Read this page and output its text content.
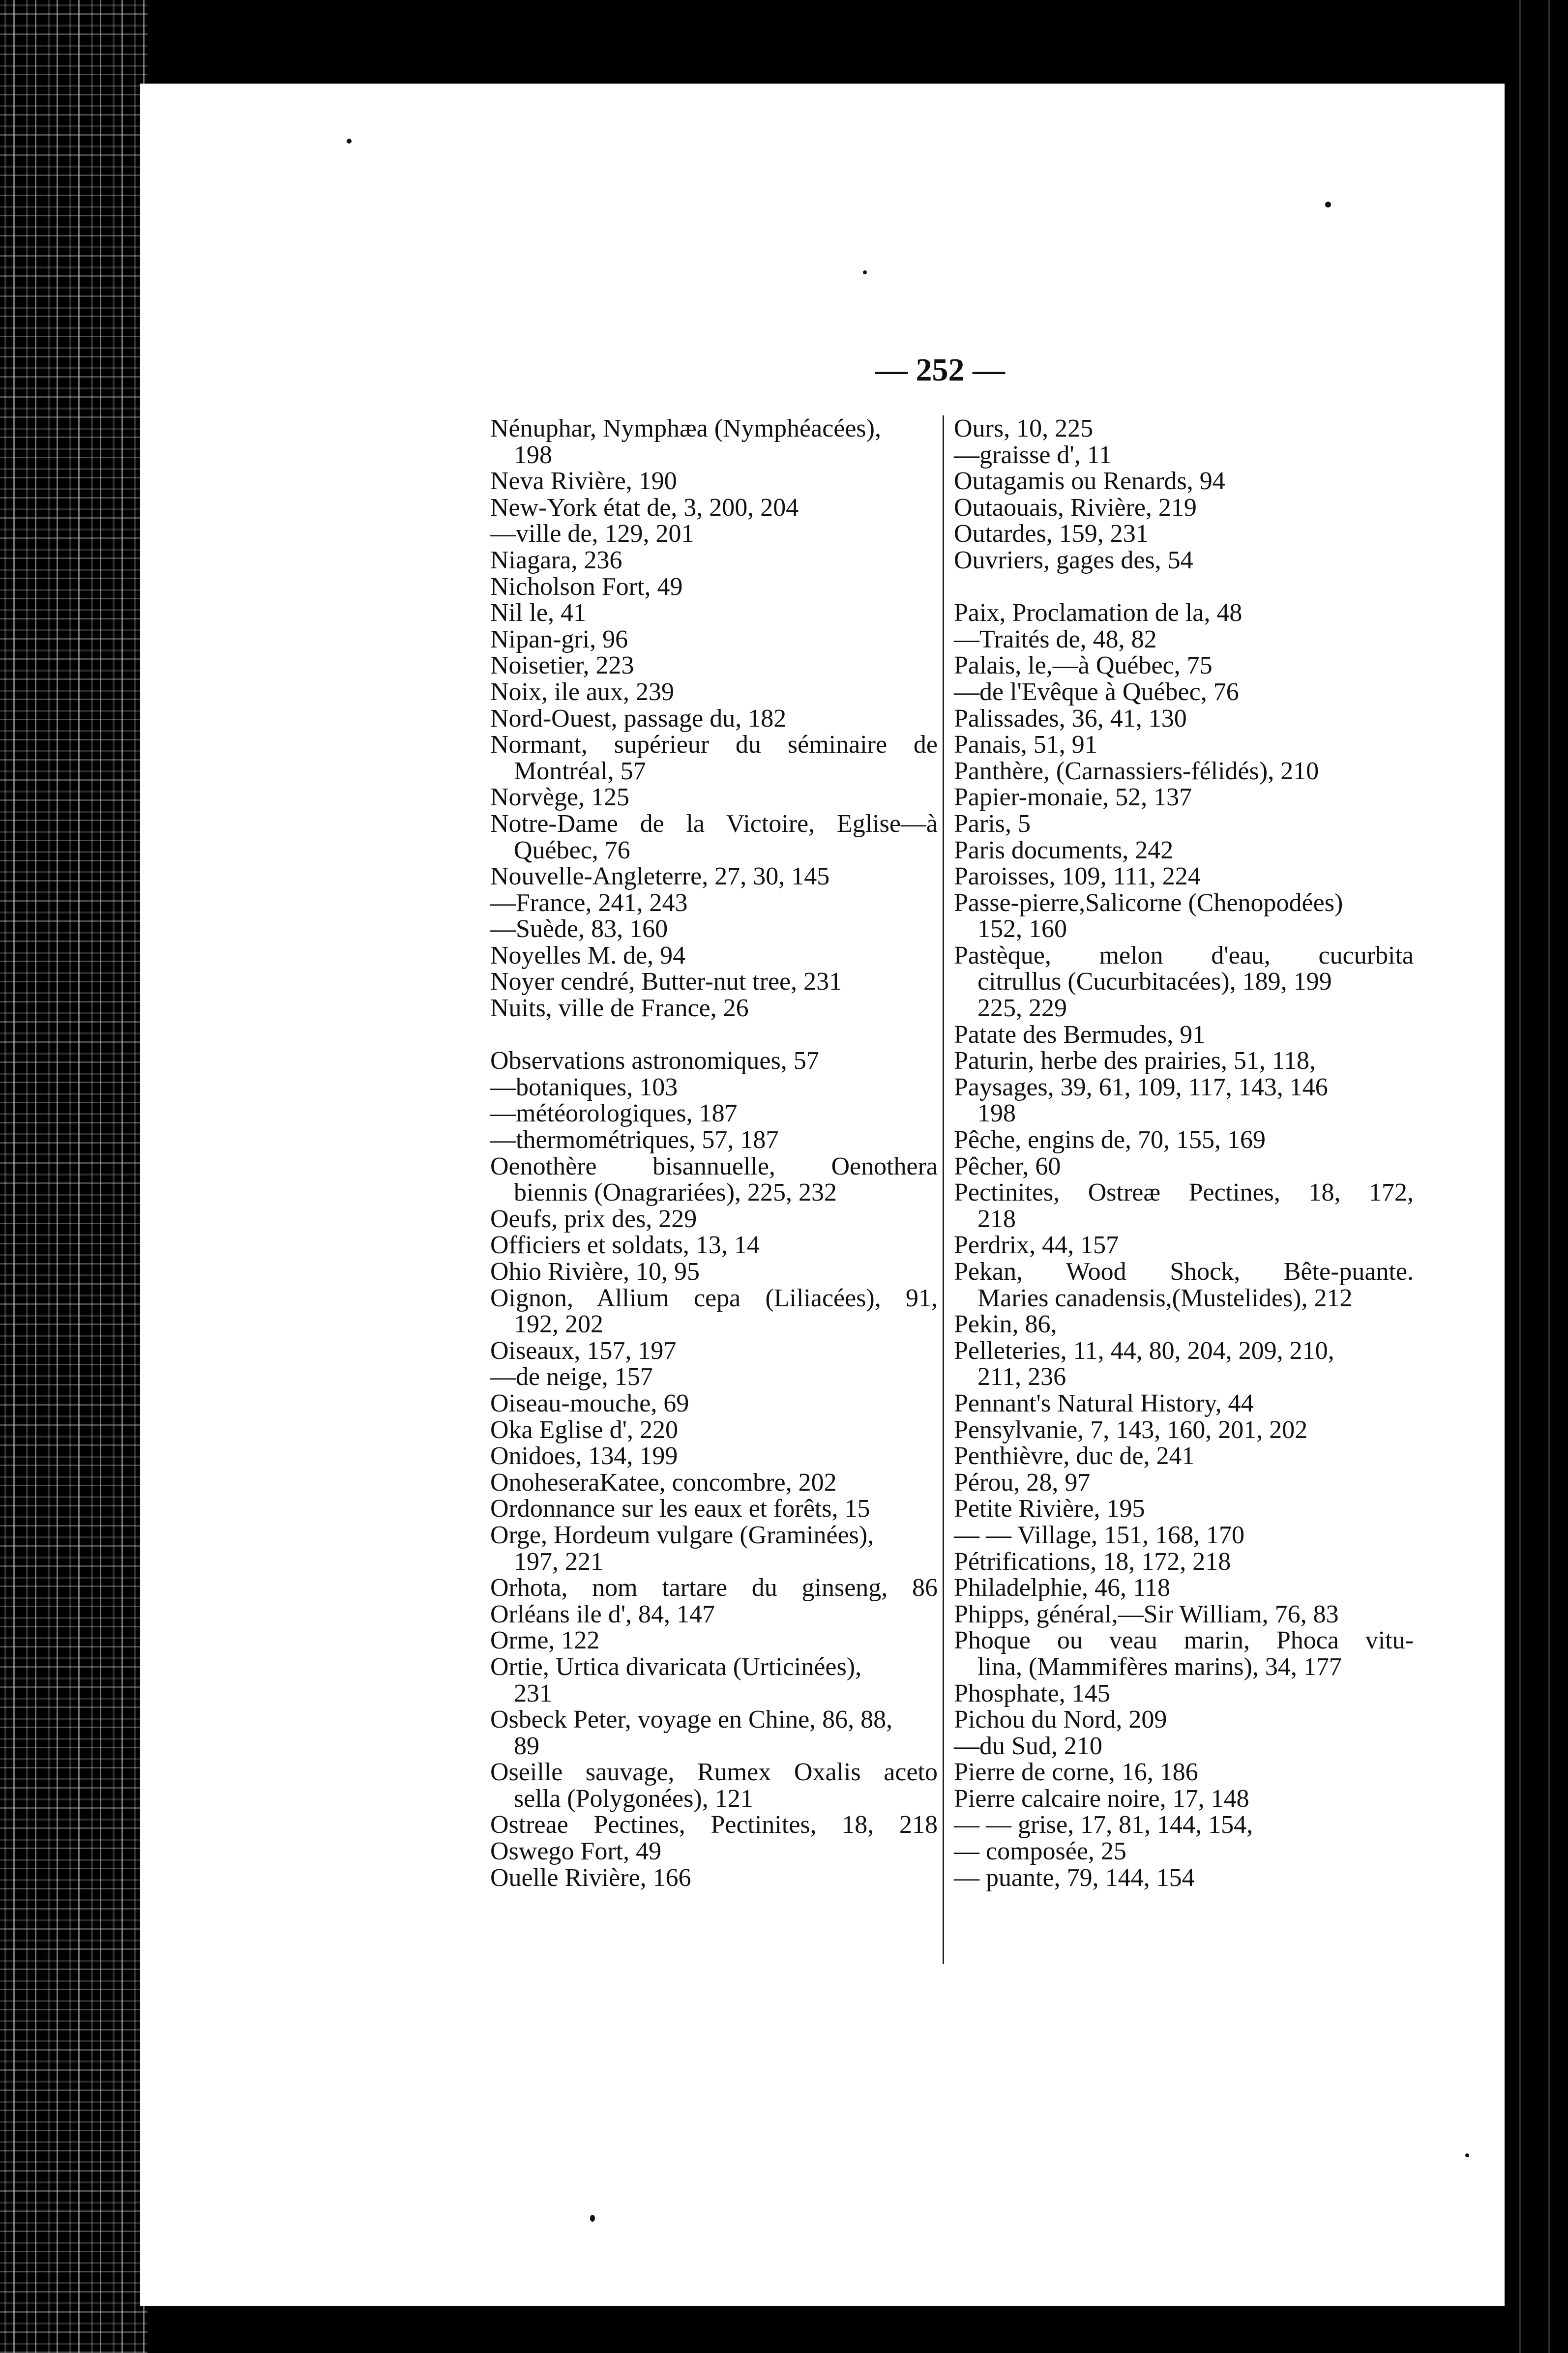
— 252 —
Nénuphar, Nymphæa (Nymphéacées),
198
Neva Rivière, 190
New-York état de, 3, 200, 204
—ville de, 129, 201
Niagara, 236
Nicholson Fort, 49
Nil le, 41
Nipan-gri, 96
Noisetier, 223
Noix, ile aux, 239
Nord-Ouest, passage du, 182
Normant, supérieur du séminaire de
Montréal, 57
Norvège, 125
Notre-Dame de la Victoire, Eglise—à
Québec, 76
Nouvelle-Angleterre, 27, 30, 145
—France, 241, 243
—Suède, 83, 160
Noyelles M. de, 94
Noyer cendré, Butter-nut tree, 231
Nuits, ville de France, 26
Observations astronomiques, 57
—botaniques, 103
—météorologiques, 187
—thermométriques, 57, 187
Oenothère bisannuelle, Oenothera
biennis (Onagrariées), 225, 232
Oeufs, prix des, 229
Officiers et soldats, 13, 14
Ohio Rivière, 10, 95
Oignon, Allium cepa (Liliacées), 91,
192, 202
Oiseaux, 157, 197
—de neige, 157
Oiseau-mouche, 69
Oka Eglise d', 220
Onidoes, 134, 199
OnoheseraKatee, concombre, 202
Ordonnance sur les eaux et forêts, 15
Orge, Hordeum vulgare (Graminées),
197, 221
Orhota, nom tartare du ginseng, 86
Orléans ile d', 84, 147
Orme, 122
Ortie, Urtica divaricata (Urticinées),
231
Osbeck Peter, voyage en Chine, 86, 88,
89
Oseille sauvage, Rumex Oxalis aceto
sella (Polygonées), 121
Ostreae Pectines, Pectinites, 18, 218
Oswego Fort, 49
Ouelle Rivière, 166
Ours, 10, 225
—graisse d', 11
Outagamis ou Renards, 94
Outaouais, Rivière, 219
Outardes, 159, 231
Ouvriers, gages des, 54
Paix, Proclamation de la, 48
—Traités de, 48, 82
Palais, le,—à Québec, 75
—de l'Evêque à Québec, 76
Palissades, 36, 41, 130
Panais, 51, 91
Panthère, (Carnassiers-félidés), 210
Papier-monaie, 52, 137
Paris, 5
Paris documents, 242
Paroisses, 109, 111, 224
Passe-pierre,Salicorne (Chenopodées)
152, 160
Pastèque, melon d'eau, cucurbita
citrullus (Cucurbitacées), 189, 199
225, 229
Patate des Bermudes, 91
Paturin, herbe des prairies, 51, 118,
Paysages, 39, 61, 109, 117, 143, 146
198
Pêche, engins de, 70, 155, 169
Pêcher, 60
Pectinites, Ostreæ Pectines, 18, 172,
218
Perdrix, 44, 157
Pekan, Wood Shock, Bête-puante.
Maries canadensis,(Mustelides), 212
Pekin, 86,
Pelleteries, 11, 44, 80, 204, 209, 210,
211, 236
Pennant's Natural History, 44
Pensylvanie, 7, 143, 160, 201, 202
Penthièvre, duc de, 241
Pérou, 28, 97
Petite Rivière, 195
— — Village, 151, 168, 170
Pétrifications, 18, 172, 218
Philadelphie, 46, 118
Phipps, général,—Sir William, 76, 83
Phoque ou veau marin, Phoca vitu-
lina, (Mammifères marins), 34, 177
Phosphate, 145
Pichou du Nord, 209
—du Sud, 210
Pierre de corne, 16, 186
Pierre calcaire noire, 17, 148
— — grise, 17, 81, 144, 154,
— composée, 25
— puante, 79, 144, 154
